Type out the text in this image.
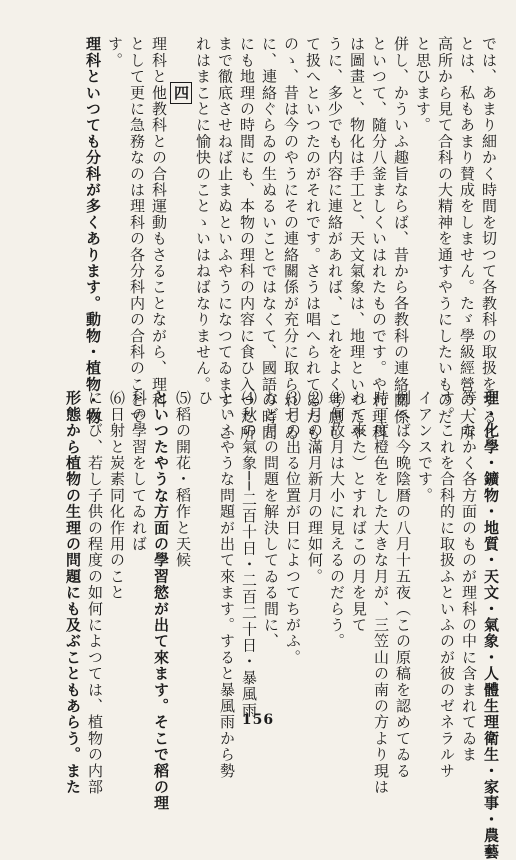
では、あまり細かく時間を切つて各教科の取扱をするこ
とは、私もあまり賛成をしません。たゞ學級經營の大所
高所から見て合科の大精神を通すやうにしたいものだ
と思ひます。
併し、かういふ趣旨ならば、昔から各教科の連絡關係
といつて、隨分八釜ましくいはれたものです。やれ理科
は圖畫と、物化は手工と、天文氣象は、地理といつたや
うに、多少でも内容に連絡があれば、これをよく考慮し
て扱へといつたのがそれです。さうは唱へられてゐたも
のゝ、昔は今のやうにその連絡關係が充分に取られてゐ
に、連絡ぐらゐの生ぬるいことではなくて、國語の時間
にも地理の時間にも、本物の理科の内容に食ひ入つた所
まで徹底させねば止まぬといふやうになつてゐます。こ
れはまことに愉快のことゝいはねばなりません。
四
理科と他教科との合科運動もさることながら、理科
として更に急務なのは理科の各分科内の合科のことで
す。
理科といつても分科が多くあります。動物・植物・物
理・化學・鑛物・地質・天文・氣象・人體生理衛生・家事・農藝
等、なかく各方面のものが理科の中に含まれてゐま
す。これを合科的に取扱ふといふのが彼のゼネラルサ
イアンスです。
例へば今晩陰暦の八月十五夜（この原稿を認めてゐる
時丁度橙色をした大きな月が、三笠山の南の方より現は
れて來た）とすればこの月を見て
⑴何故月は大小に見えるのだらう。
⑵月の滿月新月の理如何。
⑶月の出る位置が日によつてちがふ。
など月の問題を解決してゐる間に、
⑷秋の氣象──二百十日・二百二十日・暴風雨
といふやうな問題が出て來ます。すると暴風雨から勢
ひ
⑸稻の開花・稻作と天候
といつたやうな方面の學習慾が出て來ます。そこで稻の理
科の學習をしてゐれば
⑹日射と炭素同化作用のこと
に及び、若し子供の程度の如何によつては、植物の内部
形態から植物の生理の問題にも及ぶこともあらう。また	156
